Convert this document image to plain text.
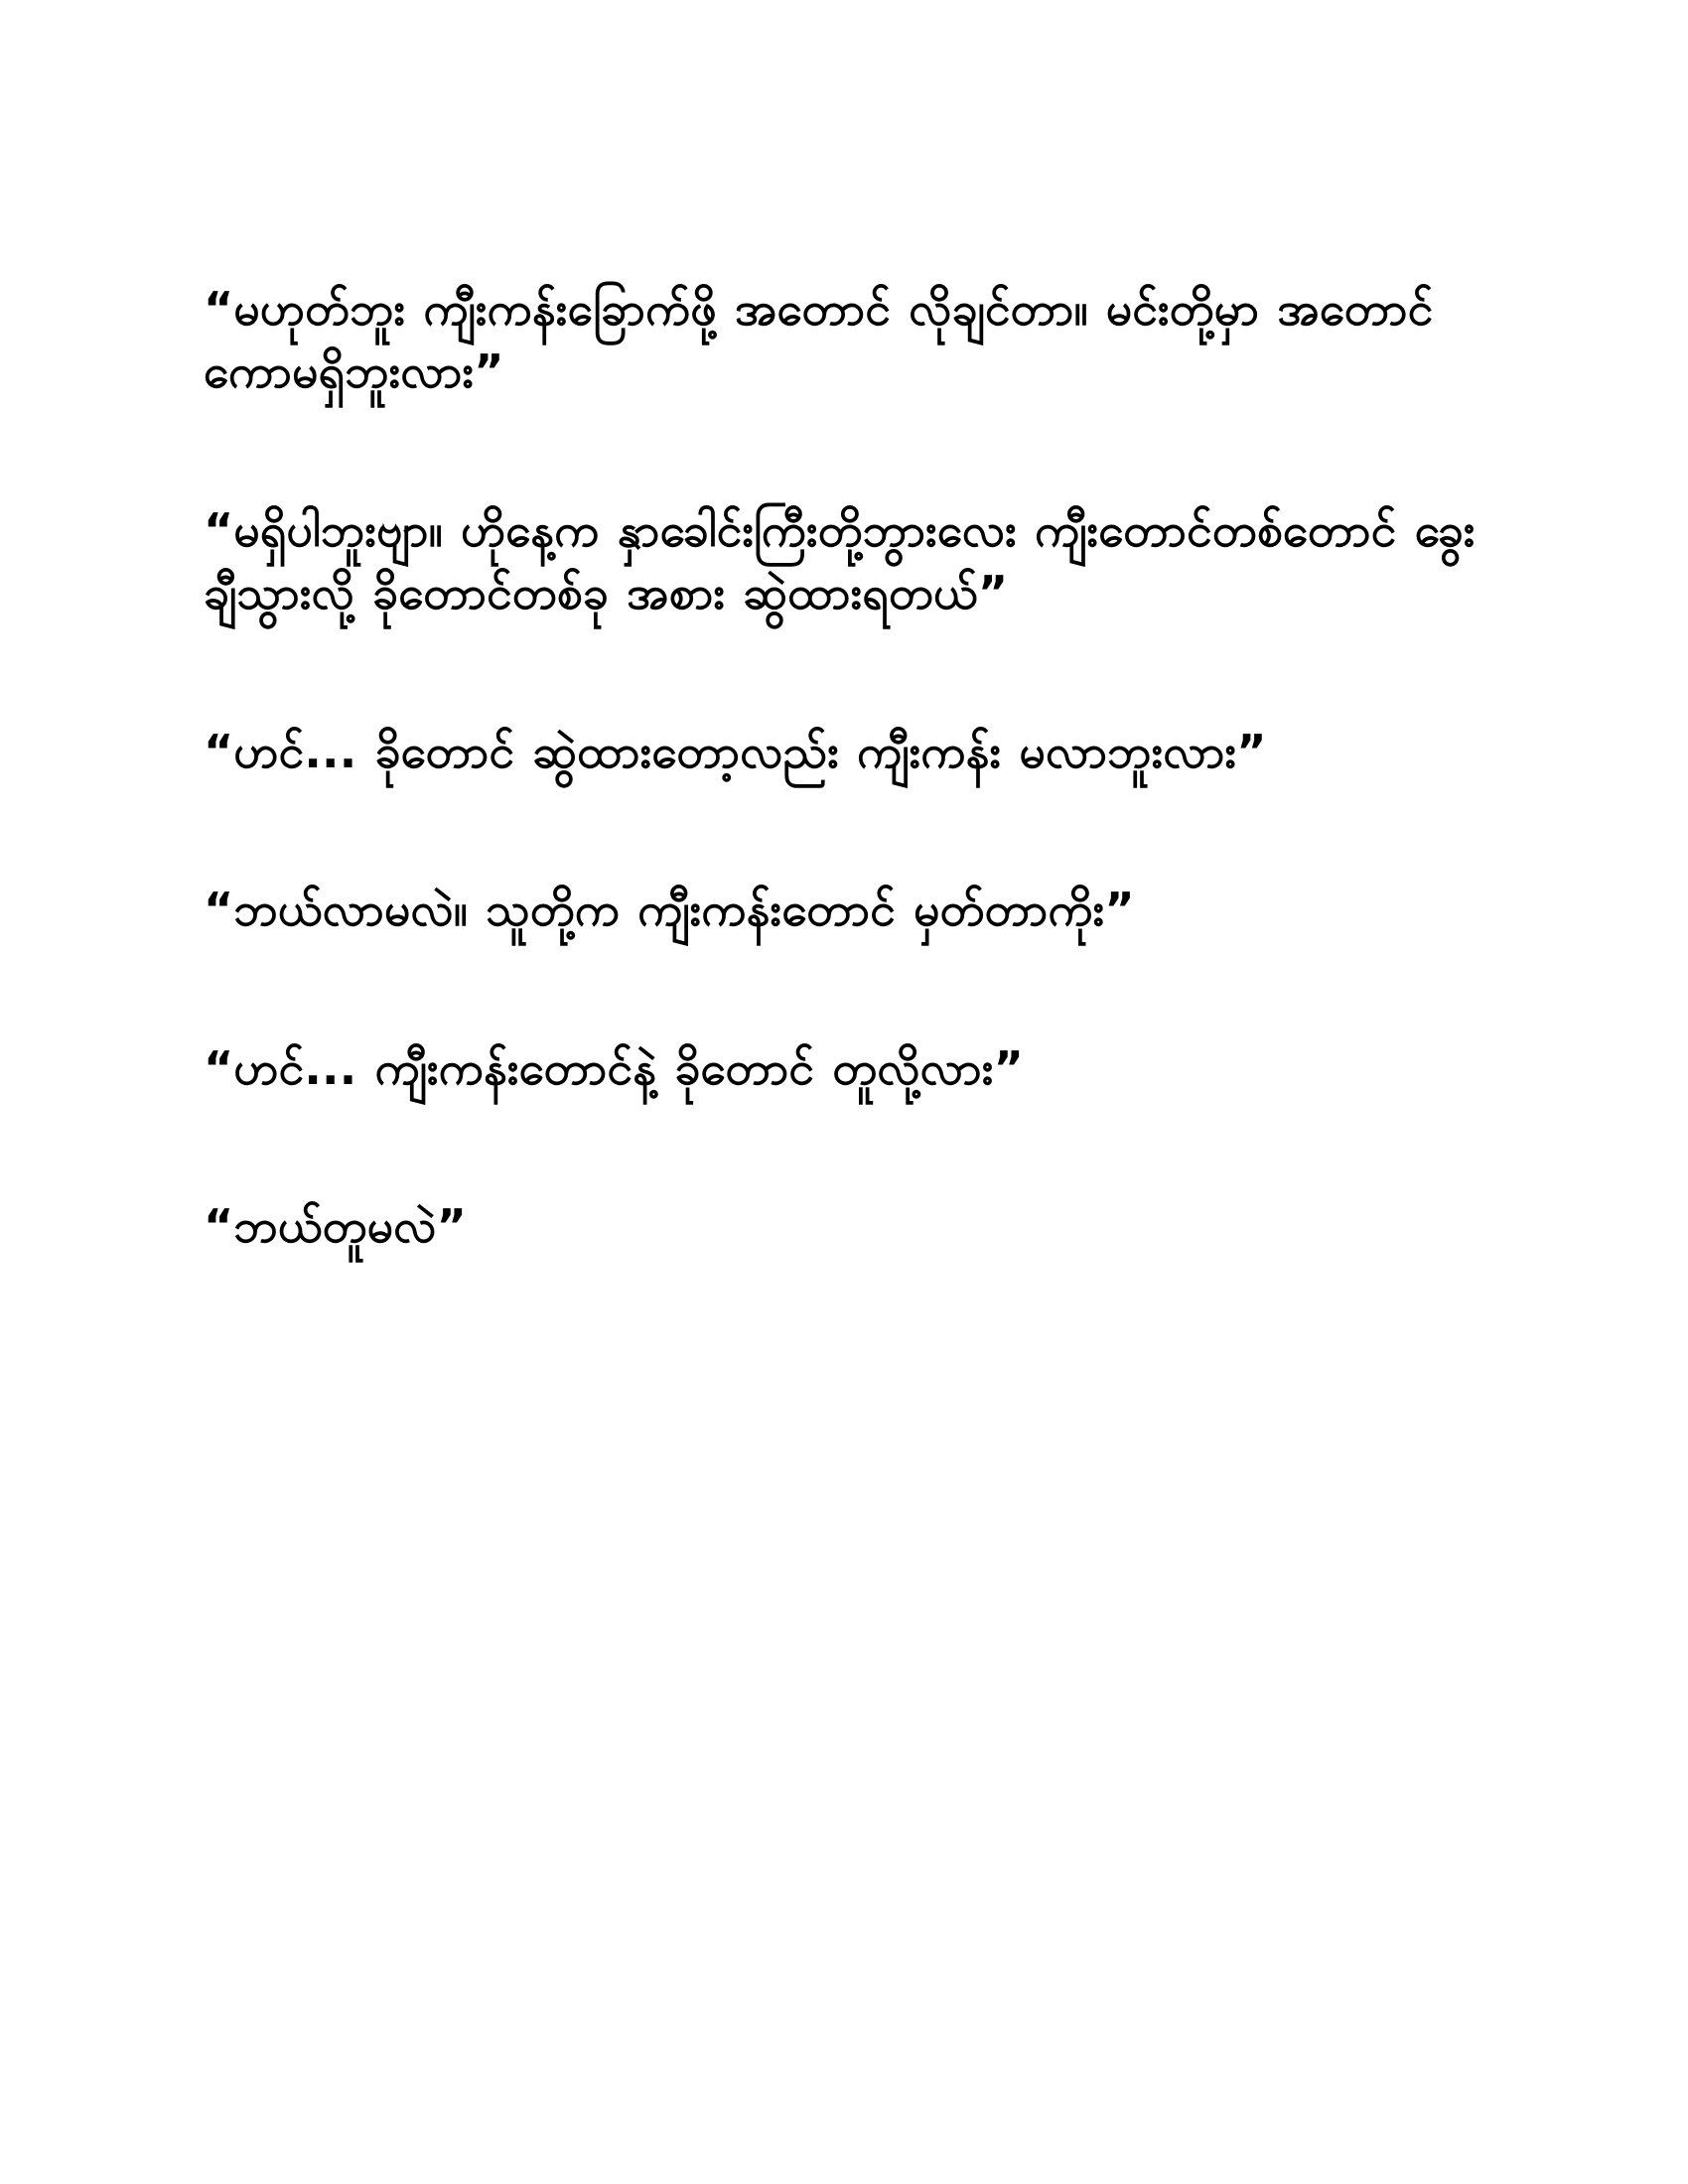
“မဟုတ်ဘူး ကျီးကန်းခြောက်ဖို့ အတောင် လိုချင်တာ။ မင်းတို့မှာ အတောင်ကောမရှိဘူးလား”

“မရှိပါဘူးဗျာ။ ဟိုနေ့က နှာခေါင်းကြီးတို့ဘွားလေး ကျီးတောင်တစ်တောင် ခွေးချီသွားလို့ ခိုတောင်တစ်ခု အစား ဆွဲထားရတယ်”

“ဟင်... ခိုတောင် ဆွဲထားတော့လည်း ကျီးကန်း မလာဘူးလား”

“ဘယ်လာမလဲ။ သူတို့က ကျီးကန်းတောင် မှတ်တာကိုး”

“ဟင်... ကျီးကန်းတောင်နဲ့ ခိုတောင် တူလို့လား”

“ဘယ်တူမလဲ”
